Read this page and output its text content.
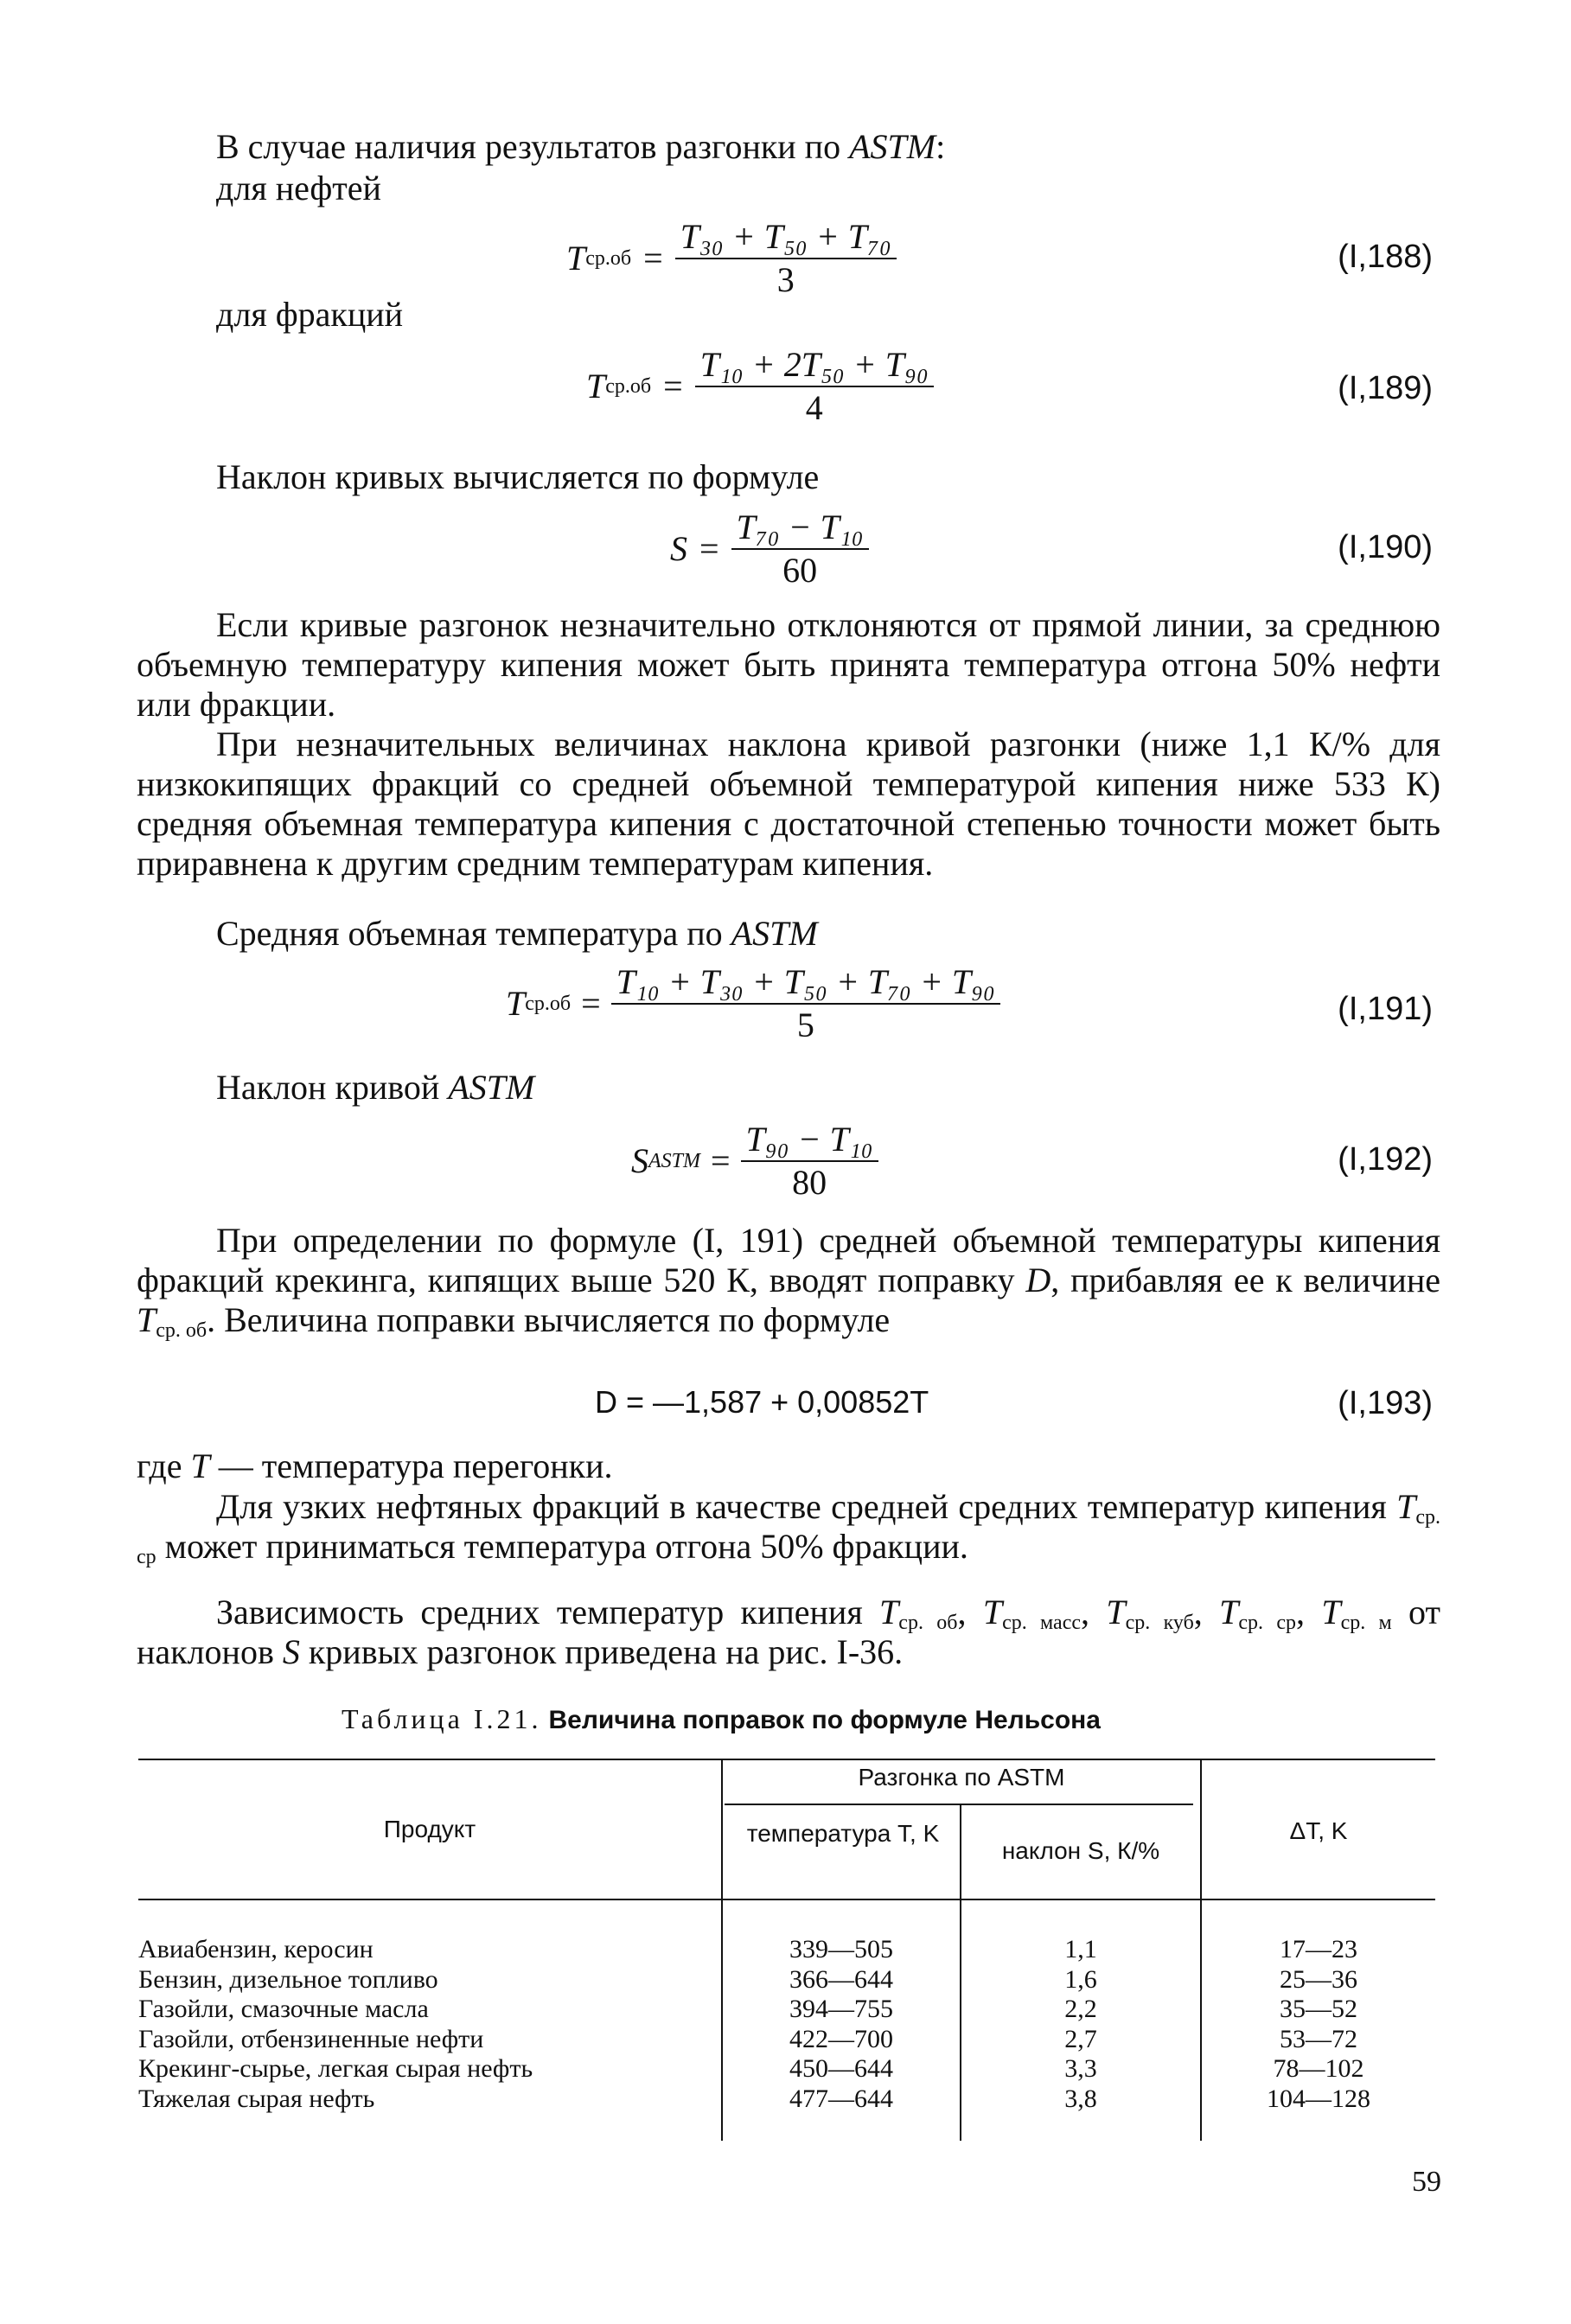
В случае наличия результатов разгонки по ASTM:
для нефтей
T $ср.об = \frac{\text{T₃₀ + T₅₀ + T₇₀}}{3}$	(I,188)
для фракций
T $ср.об = \frac{\text{T₁₀ + 2T₅₀ + T₉₀}}{4}$	(I,189)
Наклон кривых вычисляется по формуле
$S = \frac{\text{T₇₀ − T₁₀}}{60}$	(I,190)
Если кривые разгонок незначительно отклоняются от прямой линии, за среднюю объемную температуру кипения может быть принята температура отгона 50% нефти или фракции.
При незначительных величинах наклона кривой разгонки (ниже 1,1 К/% для низкокипящих фракций со средней объемной температурой кипения ниже 533 К) средняя объемная температура кипения с достаточной степенью точности может быть приравнена к другим средним температурам кипения.
Средняя объемная температура по ASTM
T $ср.об = \frac{\text{T₁₀ + T₃₀ + T₅₀ + T₇₀ + T₉₀}}{5}$	(I,191)
Наклон кривой ASTM
S ASTM = $\frac{\text{T₉₀ − T₁₀}}{80}$	(I,192)
При определении по формуле (I, 191) средней объемной температуры кипения фракций крекинга, кипящих выше 520 К, вводят поправку D, прибавляя ее к величине $T_{ср. об}$. Величина поправки вычисляется по формуле
D = —1,587 + 0,00852T	(I,193)
где T — температура перегонки.
Для узких нефтяных фракций в качестве средней средних температур кипения $T_{ср. ср}$ может приниматься температура отгона 50% фракции.
Зависимость средних температур кипения $T_{ср. об}$, $T_{ср. масс}$, $T_{ср. куб}$, $T_{ср. ср}$, $T_{ср. м}$ от наклонов S кривых разгонок приведена на рис. I-36.
Таблица I.21. Величина поправок по формуле Нельсона
Продукт
Разгонка по ASTM
температура T, K
наклон S, К/%
ΔT, K
Авиабензин, керосин	339—505	1,1	17—23
Бензин, дизельное топливо	366—644	1,6	25—36
Газойли, смазочные масла	394—755	2,2	35—52
Газойли, отбензиненные нефти	422—700	2,7	53—72
Крекинг-сырье, легкая сырая нефть	450—644	3,3	78—102
Тяжелая сырая нефть	477—644	3,8	104—128
59
